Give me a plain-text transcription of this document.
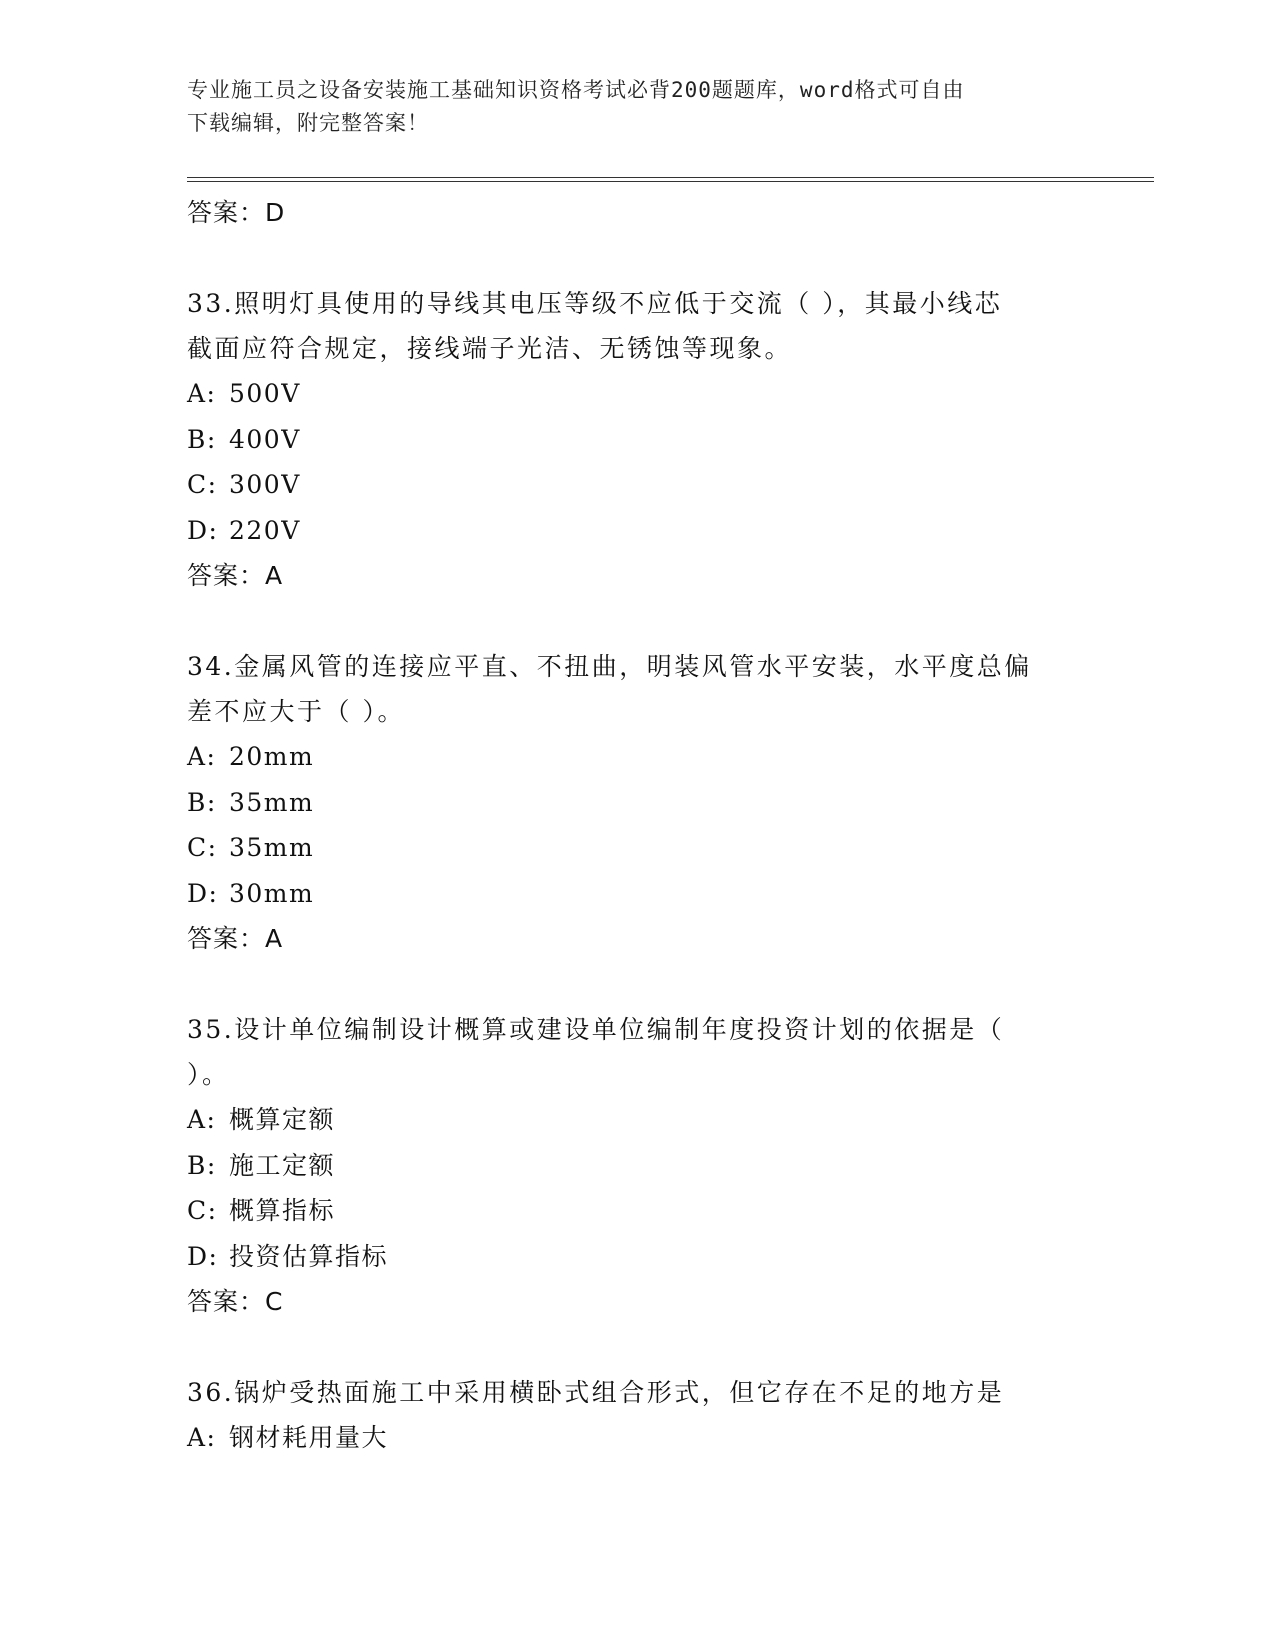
专业施工员之设备安装施工基础知识资格考试必背200题题库，word格式可自由
下载编辑，附完整答案！
答案：D
33.照明灯具使用的导线其电压等级不应低于交流（ ），其最小线芯
截面应符合规定，接线端子光洁、无锈蚀等现象。
A: 500V
B: 400V
C: 300V
D: 220V
答案：A
34.金属风管的连接应平直、不扭曲，明装风管水平安装，水平度总偏
差不应大于（ ）。
A: 20mm
B: 35mm
C: 35mm
D: 30mm
答案：A
35.设计单位编制设计概算或建设单位编制年度投资计划的依据是（
）。
A: 概算定额
B: 施工定额
C: 概算指标
D: 投资估算指标
答案：C
36.锅炉受热面施工中采用横卧式组合形式，但它存在不足的地方是
A: 钢材耗用量大
